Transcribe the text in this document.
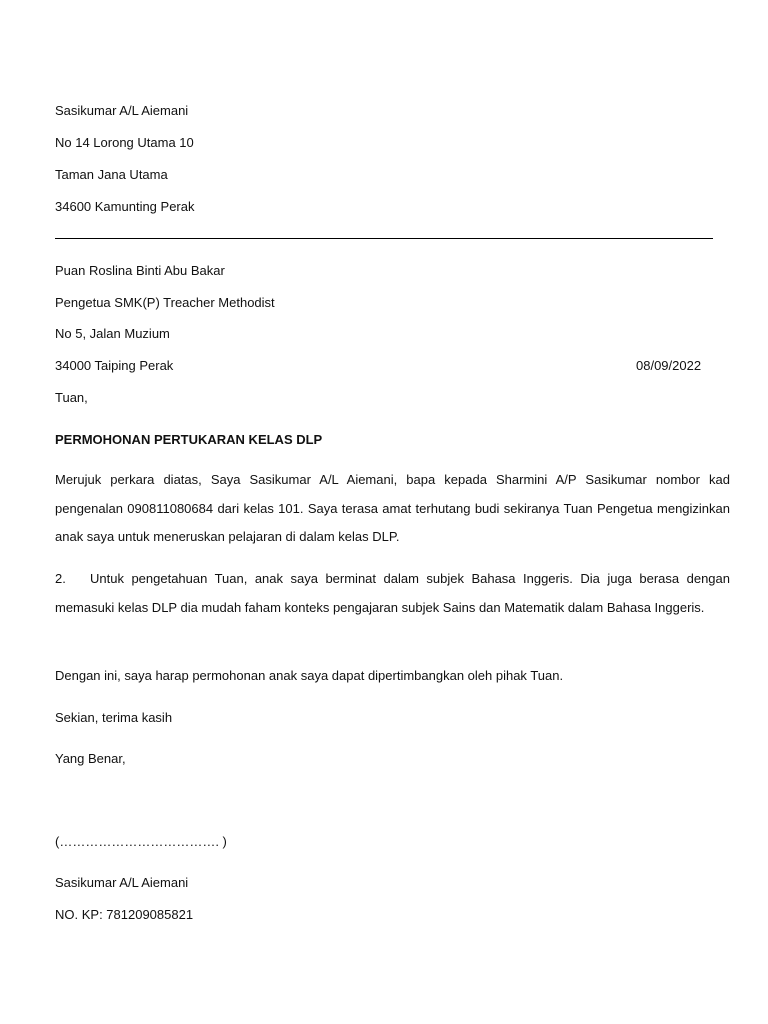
Sasikumar A/L Aiemani
No 14 Lorong Utama 10
Taman Jana Utama
34600 Kamunting Perak
Puan Roslina Binti Abu Bakar
Pengetua SMK(P) Treacher Methodist
No 5, Jalan Muzium
34000 Taiping Perak	08/09/2022
Tuan,
PERMOHONAN PERTUKARAN KELAS DLP
Merujuk perkara diatas, Saya Sasikumar A/L Aiemani, bapa kepada Sharmini A/P Sasikumar nombor kad pengenalan 090811080684 dari kelas 101. Saya terasa amat terhutang budi sekiranya Tuan Pengetua mengizinkan anak saya untuk meneruskan pelajaran di dalam kelas DLP.
2. Untuk pengetahuan Tuan, anak saya berminat dalam subjek Bahasa Inggeris. Dia juga berasa dengan memasuki kelas DLP dia mudah faham konteks pengajaran subjek Sains dan Matematik dalam Bahasa Inggeris.
Dengan ini, saya harap permohonan anak saya dapat dipertimbangkan oleh pihak Tuan.
Sekian, terima kasih
Yang Benar,
(………………………………. )
Sasikumar A/L Aiemani
NO. KP: 781209085821
